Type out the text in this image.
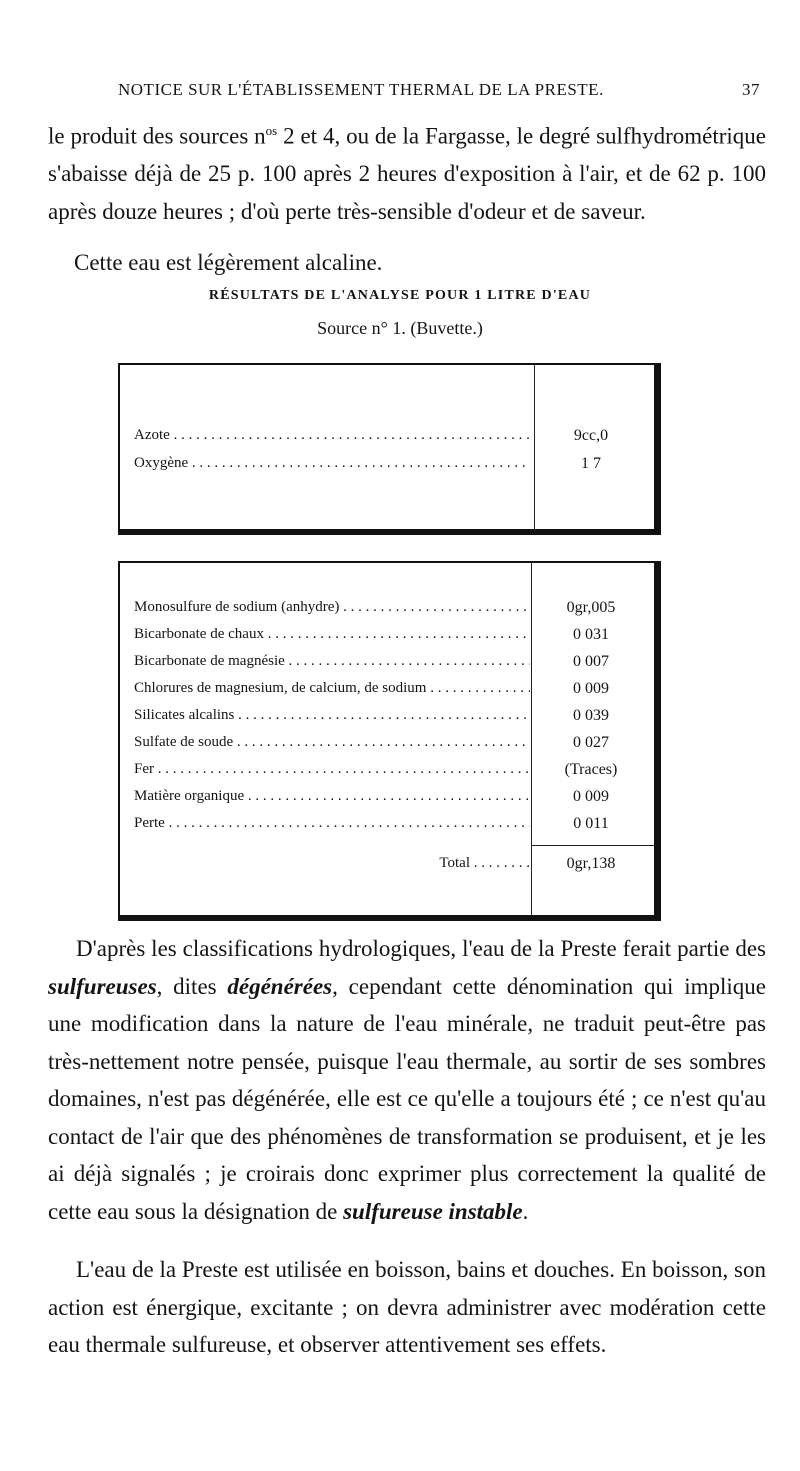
NOTICE SUR L'ÉTABLISSEMENT THERMAL DE LA PRESTE.	37

le produit des sources $n^{os}$ 2 et 4, ou de la Fargasse, le degré sulfhydrométrique s'abaisse déjà de 25 p. 100 après 2 heures d'exposition à l'air, et de 62 p. 100 après douze heures ; d'où perte très-sensible d'odeur et de saveur.

Cette eau est légèrement alcaline.

RÉSULTATS DE L'ANALYSE POUR 1 LITRE D'EAU
Source n° 1. (Buvette.)
Azote . . .	9cc,0
Oxygène . . .	1 7
Monosulfure de sodium (anhydre) . . .	0gr,005
Bicarbonate de chaux . . .	0 031
Bicarbonate de magnésie . . .	0 007
Chlorures de magnesium, de calcium, de sodium . . .	0 009
Silicates alcalins . . .	0 039
Sulfate de soude . . .	0 027
Fer . . .	(Traces)
Matière organique . . .	0 009
Perte . . .	0 011
Total . . .	0gr,138

D'après les classifications hydrologiques, l'eau de la Preste ferait partie des sulfureuses, dites dégénérées, cependant cette dénomination qui implique une modification dans la nature de l'eau minérale, ne traduit peut-être pas très-nettement notre pensée, puisque l'eau thermale, au sortir de ses sombres domaines, n'est pas dégénérée, elle est ce qu'elle a toujours été ; ce n'est qu'au contact de l'air que des phénomènes de transformation se produisent, et je les ai déjà signalés ; je croirais donc exprimer plus correctement la qualité de cette eau sous la désignation de sulfureuse instable.

L'eau de la Preste est utilisée en boisson, bains et douches. En boisson, son action est énergique, excitante ; on devra administrer avec modération cette eau thermale sulfureuse, et observer attentivement ses effets.
